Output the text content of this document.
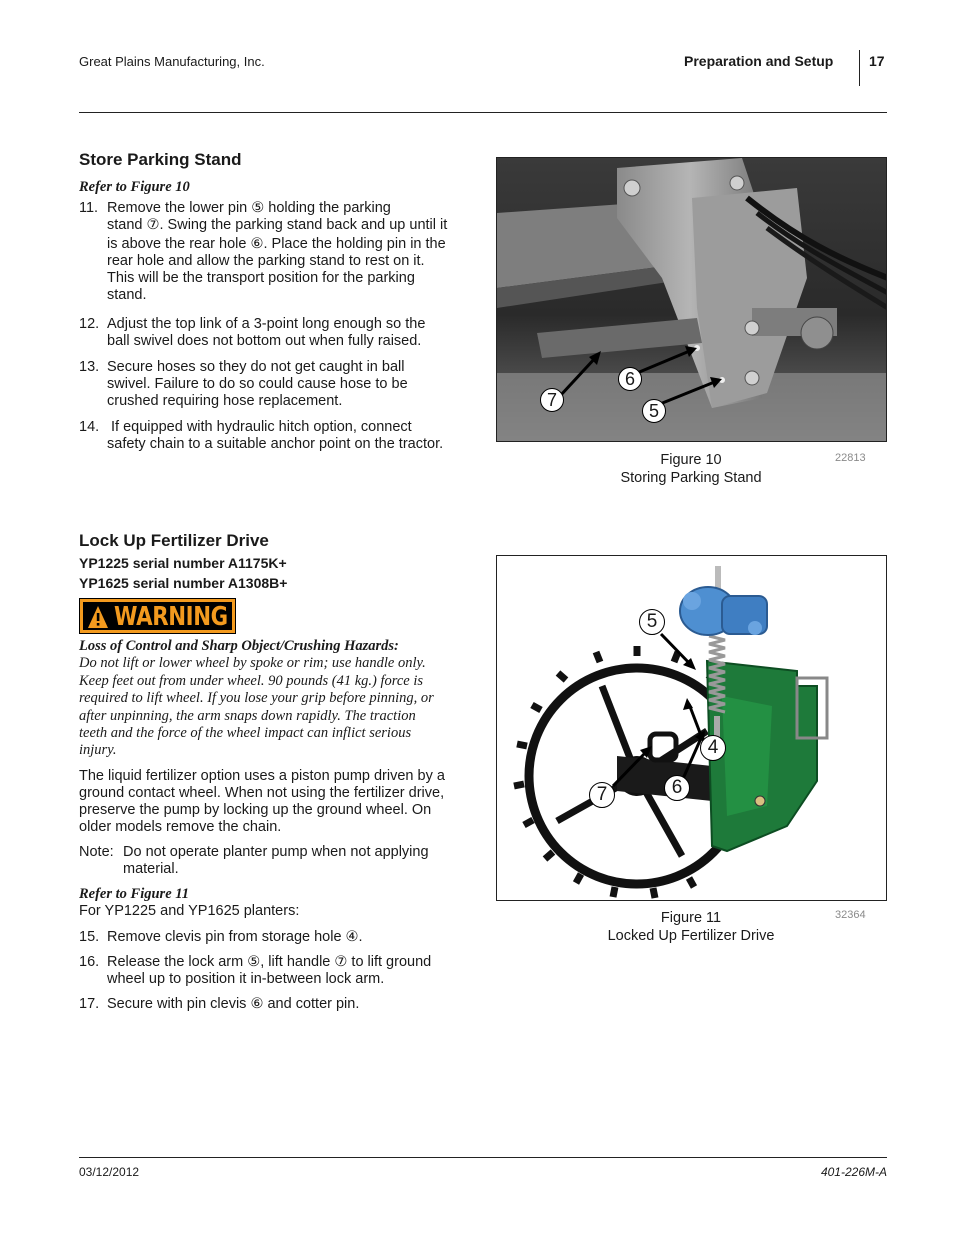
Great Plains Manufacturing, Inc.	Preparation and Setup	17
Store Parking Stand
Refer to Figure 10
11. Remove the lower pin ⑤ holding the parking
stand ⑦. Swing the parking stand back and up until it
is above the rear hole ⑥. Place the holding pin in the
rear hole and allow the parking stand to rest on it.
This will be the transport position for the parking
stand.
12. Adjust the top link of a 3-point long enough so the
ball swivel does not bottom out when fully raised.
13. Secure hoses so they do not get caught in ball
swivel. Failure to do so could cause hose to be
crushed requiring hose replacement.
14. If equipped with hydraulic hitch option, connect
safety chain to a suitable anchor point on the tractor.
6
7
5
Figure 10
Storing Parking Stand
22813
Lock Up Fertilizer Drive
YP1225 serial number A1175K+
YP1625 serial number A1308B+
WARNING
Loss of Control and Sharp Object/Crushing Hazards:
Do not lift or lower wheel by spoke or rim; use handle only.
Keep feet out from under wheel. 90 pounds (41 kg.) force is
required to lift wheel. If you lose your grip before pinning, or
after unpinning, the arm snaps down rapidly. The traction
teeth and the force of the wheel impact can inflict serious
injury.
The liquid fertilizer option uses a piston pump driven by a
ground contact wheel. When not using the fertilizer drive,
preserve the pump by locking up the ground wheel. On
older models remove the chain.
Note: Do not operate planter pump when not applying
material.
Refer to Figure 11
For YP1225 and YP1625 planters:
15. Remove clevis pin from storage hole ④.
16. Release the lock arm ⑤, lift handle ⑦ to lift ground
wheel up to position it in-between lock arm.
17. Secure with pin clevis ⑥ and cotter pin.
5
4
7	6
Figure 11
Locked Up Fertilizer Drive
32364
03/12/2012	401-226M-A
